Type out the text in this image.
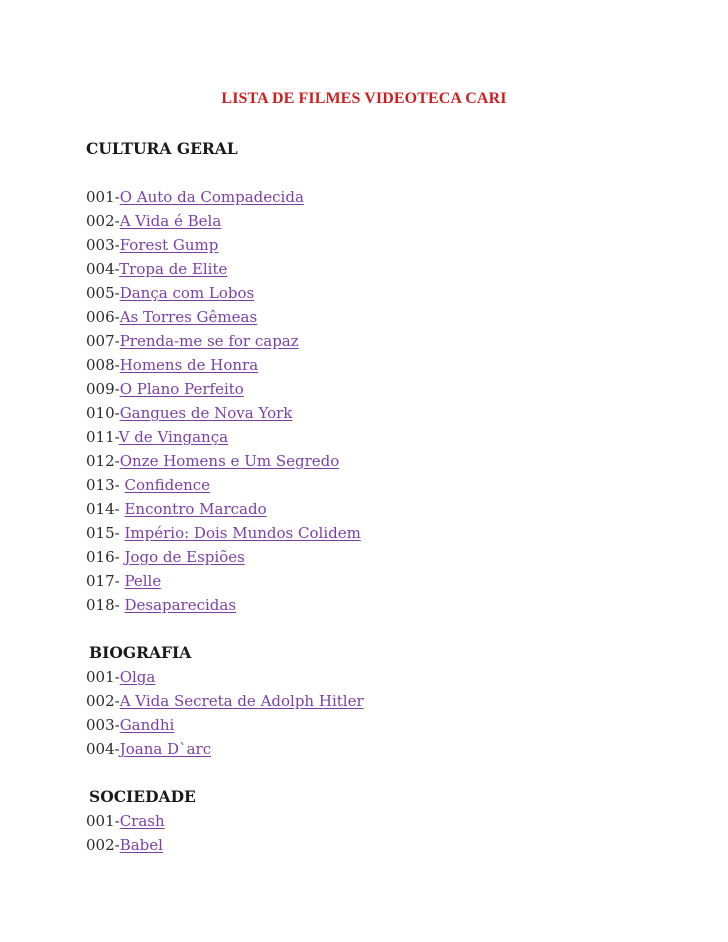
LISTA DE FILMES VIDEOTECA CARI
CULTURA GERAL
001-O Auto da Compadecida
002-A Vida é Bela
003-Forest Gump
004-Tropa de Elite
005-Dança com Lobos
006-As Torres Gêmeas
007-Prenda-me se for capaz
008-Homens de Honra
009-O Plano Perfeito
010-Gangues de Nova York
011-V de Vingança
012-Onze Homens e Um Segredo
013- Confidence
014- Encontro Marcado
015- Império: Dois Mundos Colidem
016- Jogo de Espiões
017- Pelle
018- Desaparecidas
BIOGRAFIA
001-Olga
002-A Vida Secreta de Adolph Hitler
003-Gandhi
004-Joana D`arc
SOCIEDADE
001-Crash
002-Babel
